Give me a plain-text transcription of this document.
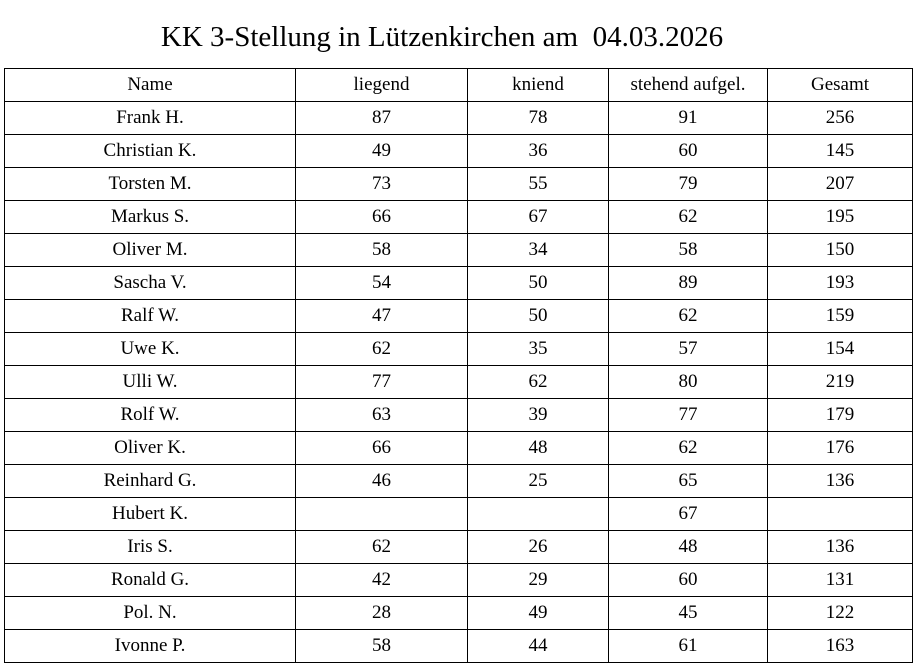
KK 3-Stellung in Lützenkirchen am  04.03.2026
Name	liegend	kniend	stehend aufgel.	Gesamt
Frank H.	87	78	91	256
Christian K.	49	36	60	145
Torsten M.	73	55	79	207
Markus S.	66	67	62	195
Oliver M.	58	34	58	150
Sascha V.	54	50	89	193
Ralf W.	47	50	62	159
Uwe K.	62	35	57	154
Ulli W.	77	62	80	219
Rolf W.	63	39	77	179
Oliver K.	66	48	62	176
Reinhard G.	46	25	65	136
Hubert K.			67	
Iris S.	62	26	48	136
Ronald G.	42	29	60	131
Pol. N.	28	49	45	122
Ivonne P.	58	44	61	163
